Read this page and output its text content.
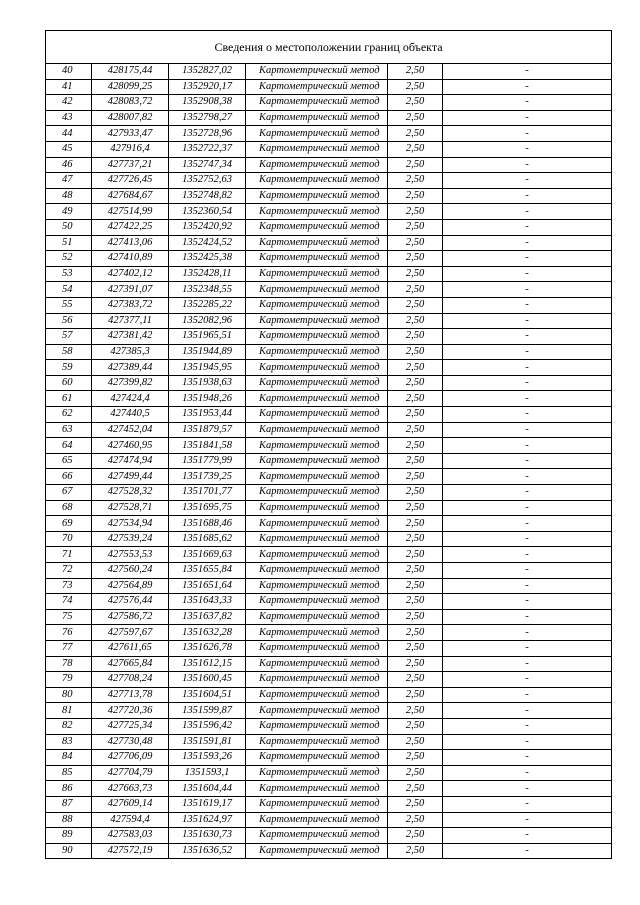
Сведения о местоположении границ объекта					
40	428175,44	1352827,02	Картометрический метод	2,50	-
41	428099,25	1352920,17	Картометрический метод	2,50	-
42	428083,72	1352908,38	Картометрический метод	2,50	-
43	428007,82	1352798,27	Картометрический метод	2,50	-
44	427933,47	1352728,96	Картометрический метод	2,50	-
45	427916,4	1352722,37	Картометрический метод	2,50	-
46	427737,21	1352747,34	Картометрический метод	2,50	-
47	427726,45	1352752,63	Картометрический метод	2,50	-
48	427684,67	1352748,82	Картометрический метод	2,50	-
49	427514,99	1352360,54	Картометрический метод	2,50	-
50	427422,25	1352420,92	Картометрический метод	2,50	-
51	427413,06	1352424,52	Картометрический метод	2,50	-
52	427410,89	1352425,38	Картометрический метод	2,50	-
53	427402,12	1352428,11	Картометрический метод	2,50	-
54	427391,07	1352348,55	Картометрический метод	2,50	-
55	427383,72	1352285,22	Картометрический метод	2,50	-
56	427377,11	1352082,96	Картометрический метод	2,50	-
57	427381,42	1351965,51	Картометрический метод	2,50	-
58	427385,3	1351944,89	Картометрический метод	2,50	-
59	427389,44	1351945,95	Картометрический метод	2,50	-
60	427399,82	1351938,63	Картометрический метод	2,50	-
61	427424,4	1351948,26	Картометрический метод	2,50	-
62	427440,5	1351953,44	Картометрический метод	2,50	-
63	427452,04	1351879,57	Картометрический метод	2,50	-
64	427460,95	1351841,58	Картометрический метод	2,50	-
65	427474,94	1351779,99	Картометрический метод	2,50	-
66	427499,44	1351739,25	Картометрический метод	2,50	-
67	427528,32	1351701,77	Картометрический метод	2,50	-
68	427528,71	1351695,75	Картометрический метод	2,50	-
69	427534,94	1351688,46	Картометрический метод	2,50	-
70	427539,24	1351685,62	Картометрический метод	2,50	-
71	427553,53	1351669,63	Картометрический метод	2,50	-
72	427560,24	1351655,84	Картометрический метод	2,50	-
73	427564,89	1351651,64	Картометрический метод	2,50	-
74	427576,44	1351643,33	Картометрический метод	2,50	-
75	427586,72	1351637,82	Картометрический метод	2,50	-
76	427597,67	1351632,28	Картометрический метод	2,50	-
77	427611,65	1351626,78	Картометрический метод	2,50	-
78	427665,84	1351612,15	Картометрический метод	2,50	-
79	427708,24	1351600,45	Картометрический метод	2,50	-
80	427713,78	1351604,51	Картометрический метод	2,50	-
81	427720,36	1351599,87	Картометрический метод	2,50	-
82	427725,34	1351596,42	Картометрический метод	2,50	-
83	427730,48	1351591,81	Картометрический метод	2,50	-
84	427706,09	1351593,26	Картометрический метод	2,50	-
85	427704,79	1351593,1	Картометрический метод	2,50	-
86	427663,73	1351604,44	Картометрический метод	2,50	-
87	427609,14	1351619,17	Картометрический метод	2,50	-
88	427594,4	1351624,97	Картометрический метод	2,50	-
89	427583,03	1351630,73	Картометрический метод	2,50	-
90	427572,19	1351636,52	Картометрический метод	2,50	-
